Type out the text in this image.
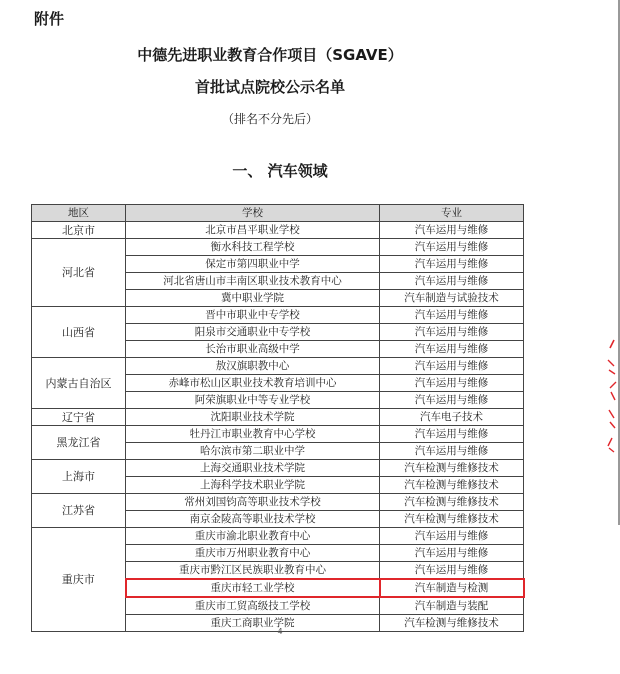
附件
中德先进职业教育合作项目（SGAVE）
首批试点院校公示名单
（排名不分先后）
一、 汽车领域
地区	学校	专业
北京市	北京市昌平职业学校	汽车运用与维修
河北省	衡水科技工程学校	汽车运用与维修
	保定市第四职业中学	汽车运用与维修
	河北省唐山市丰南区职业技术教育中心	汽车运用与维修
	冀中职业学院	汽车制造与试验技术
山西省	晋中市职业中专学校	汽车运用与维修
	阳泉市交通职业中专学校	汽车运用与维修
	长治市职业高级中学	汽车运用与维修
内蒙古自治区	敖汉旗职教中心	汽车运用与维修
	赤峰市松山区职业技术教育培训中心	汽车运用与维修
	阿荣旗职业中等专业学校	汽车运用与维修
辽宁省	沈阳职业技术学院	汽车电子技术
黑龙江省	牡丹江市职业教育中心学校	汽车运用与维修
	哈尔滨市第二职业中学	汽车运用与维修
上海市	上海交通职业技术学院	汽车检测与维修技术
	上海科学技术职业学院	汽车检测与维修技术
江苏省	常州刘国钧高等职业技术学校	汽车检测与维修技术
	南京金陵高等职业技术学校	汽车检测与维修技术
重庆市	重庆市渝北职业教育中心	汽车运用与维修
	重庆市万州职业教育中心	汽车运用与维修
	重庆市黔江区民族职业教育中心	汽车运用与维修
	重庆市轻工业学校	汽车制造与检测
	重庆市工贸高级技工学校	汽车制造与装配
	重庆工商职业学院	汽车检测与维修技术
4
